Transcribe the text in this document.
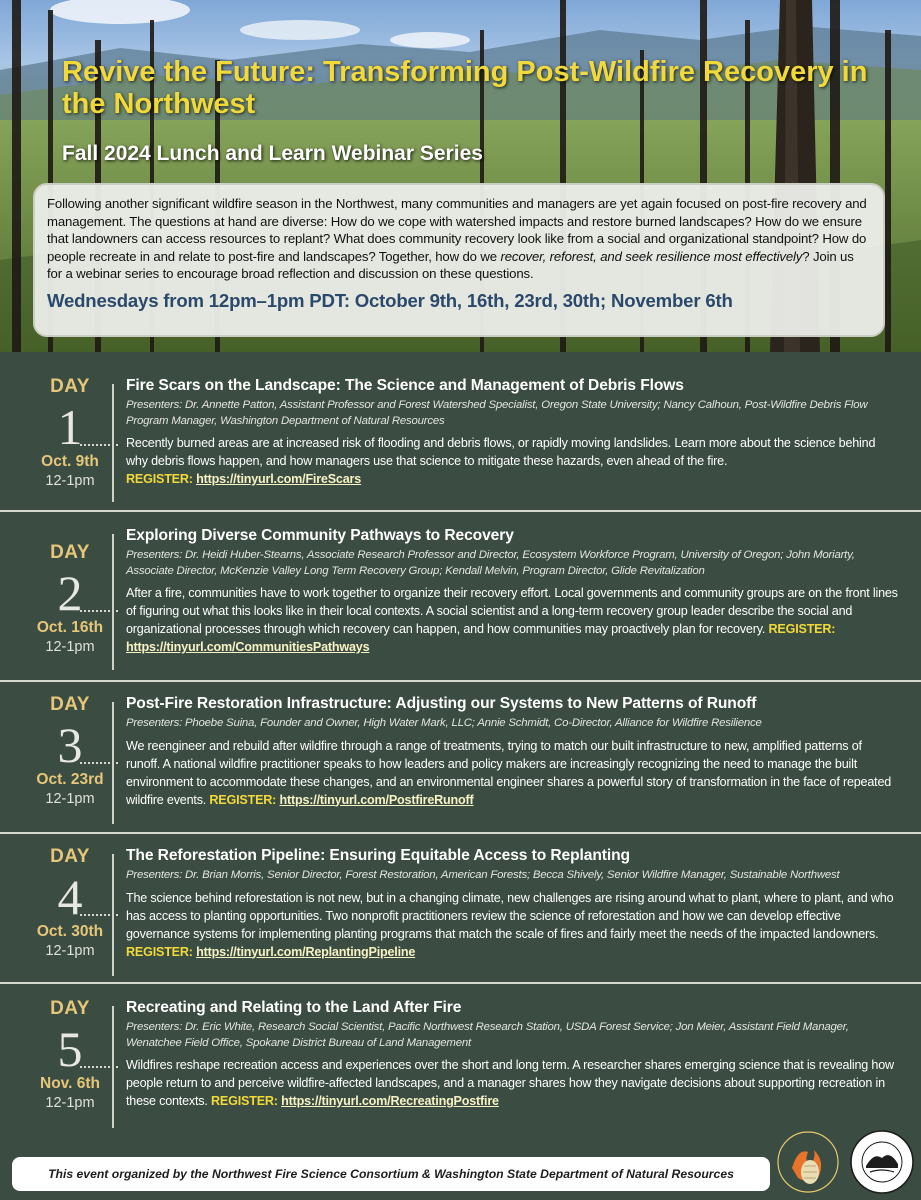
Revive the Future: Transforming Post-Wildfire Recovery in the Northwest
Fall 2024 Lunch and Learn Webinar Series

Following another significant wildfire season in the Northwest, many communities and managers are yet again focused on post-fire recovery and management. The questions at hand are diverse: How do we cope with watershed impacts and restore burned landscapes? How do we ensure that landowners can access resources to replant? What does community recovery look like from a social and organizational standpoint? How do people recreate in and relate to post-fire and landscapes? Together, how do we recover, reforest, and seek resilience most effectively? Join us for a webinar series to encourage broad reflection and discussion on these questions.

Wednesdays from 12pm–1pm PDT: October 9th, 16th, 23rd, 30th; November 6th
DAY
1
Oct. 9th
12-1pm
Fire Scars on the Landscape: The Science and Management of Debris Flows
Presenters: Dr. Annette Patton, Assistant Professor and Forest Watershed Specialist, Oregon State University; Nancy Calhoun, Post-Wildfire Debris Flow Program Manager, Washington Department of Natural Resources
Recently burned areas are at increased risk of flooding and debris flows, or rapidly moving landslides. Learn more about the science behind why debris flows happen, and how managers use that science to mitigate these hazards, even ahead of the fire.
REGISTER: https://tinyurl.com/FireScars
DAY
2
Oct. 16th
12-1pm
Exploring Diverse Community Pathways to Recovery
Presenters: Dr. Heidi Huber-Stearns, Associate Research Professor and Director, Ecosystem Workforce Program, University of Oregon; John Moriarty, Associate Director, McKenzie Valley Long Term Recovery Group; Kendall Melvin, Program Director, Glide Revitalization
After a fire, communities have to work together to organize their recovery effort. Local governments and community groups are on the front lines of figuring out what this looks like in their local contexts. A social scientist and a long-term recovery group leader describe the social and organizational processes through which recovery can happen, and how communities may proactively plan for recovery. REGISTER: https://tinyurl.com/CommunitiesPathways
DAY
3
Oct. 23rd
12-1pm
Post-Fire Restoration Infrastructure: Adjusting our Systems to New Patterns of Runoff
Presenters: Phoebe Suina, Founder and Owner, High Water Mark, LLC; Annie Schmidt, Co-Director, Alliance for Wildfire Resilience
We reengineer and rebuild after wildfire through a range of treatments, trying to match our built infrastructure to new, amplified patterns of runoff. A national wildfire practitioner speaks to how leaders and policy makers are increasingly recognizing the need to manage the built environment to accommodate these changes, and an environmental engineer shares a powerful story of transformation in the face of repeated wildfire events. REGISTER: https://tinyurl.com/PostfireRunoff
DAY
4
Oct. 30th
12-1pm
The Reforestation Pipeline: Ensuring Equitable Access to Replanting
Presenters: Dr. Brian Morris, Senior Director, Forest Restoration, American Forests; Becca Shively, Senior Wildfire Manager, Sustainable Northwest
The science behind reforestation is not new, but in a changing climate, new challenges are rising around what to plant, where to plant, and who has access to planting opportunities. Two nonprofit practitioners review the science of reforestation and how we can develop effective governance systems for implementing planting programs that match the scale of fires and fairly meet the needs of the impacted landowners. REGISTER: https://tinyurl.com/ReplantingPipeline
DAY
5
Nov. 6th
12-1pm
Recreating and Relating to the Land After Fire
Presenters: Dr. Eric White, Research Social Scientist, Pacific Northwest Research Station, USDA Forest Service; Jon Meier, Assistant Field Manager, Wenatchee Field Office, Spokane District Bureau of Land Management
Wildfires reshape recreation access and experiences over the short and long term. A researcher shares emerging science that is revealing how people return to and perceive wildfire-affected landscapes, and a manager shares how they navigate decisions about supporting recreation in these contexts. REGISTER: https://tinyurl.com/RecreatingPostfire
This event organized by the Northwest Fire Science Consortium & Washington State Department of Natural Resources
